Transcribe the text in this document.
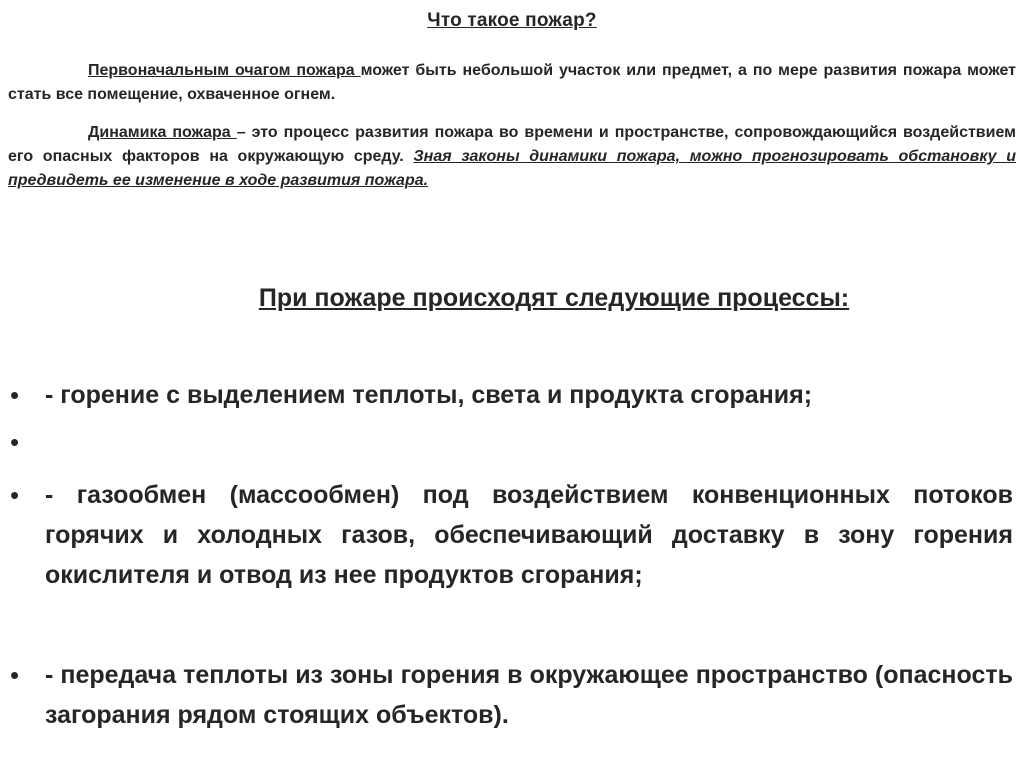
Что такое пожар?
Первоначальным очагом пожара может быть небольшой участок или предмет, а по мере развития пожара может стать все помещение, охваченное огнем.
Динамика пожара – это процесс развития пожара во времени и пространстве, сопровождающийся воздействием его опасных факторов на окружающую среду. Зная законы динамики пожара, можно прогнозировать обстановку и предвидеть ее изменение в ходе развития пожара.
При пожаре происходят следующие процессы:
• - горение с выделением теплоты, света и продукта сгорания;
•
• - газообмен (массообмен) под воздействием конвенционных потоков горячих и холодных газов, обеспечивающий доставку в зону горения окислителя и отвод из нее продуктов сгорания;
• - передача теплоты из зоны горения в окружающее пространство (опасность загорания рядом стоящих объектов).
